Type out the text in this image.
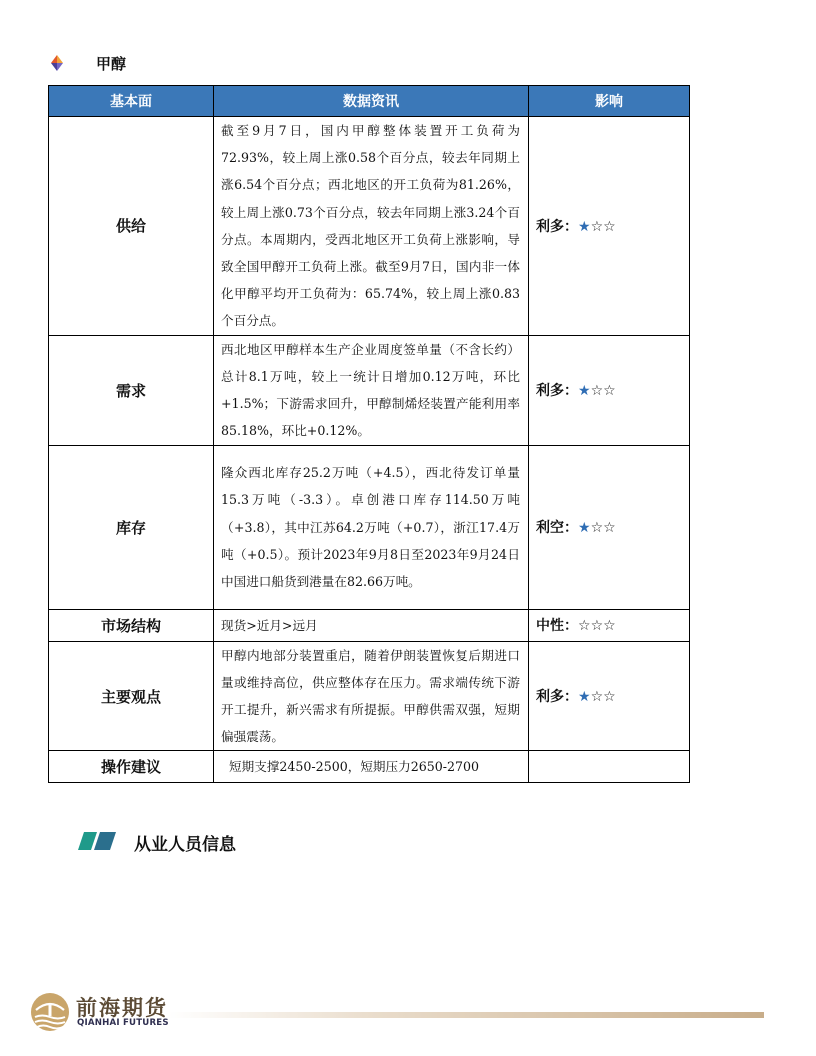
甲醇
基本面	数据资讯	影响
供给	截至9月7日，国内甲醇整体装置开工负荷为72.93%，较上周上涨0.58个百分点，较去年同期上涨6.54个百分点；西北地区的开工负荷为81.26%，较上周上涨0.73个百分点，较去年同期上涨3.24个百分点。本周期内，受西北地区开工负荷上涨影响，导致全国甲醇开工负荷上涨。截至9月7日，国内非一体化甲醇平均开工负荷为：65.74%，较上周上涨0.83个百分点。	利多：★☆☆
需求	西北地区甲醇样本生产企业周度签单量（不含长约）总计8.1万吨，较上一统计日增加0.12万吨，环比+1.5%；下游需求回升，甲醇制烯烃装置产能利用率85.18%，环比+0.12%。	利多：★☆☆
库存	隆众西北库存25.2万吨（+4.5），西北待发订单量15.3万吨（-3.3）。卓创港口库存114.50万吨（+3.8），其中江苏64.2万吨（+0.7），浙江17.4万吨（+0.5）。预计2023年9月8日至2023年9月24日中国进口船货到港量在82.66万吨。	利空：★☆☆
市场结构	现货>近月>远月	中性：☆☆☆
主要观点	甲醇内地部分装置重启，随着伊朗装置恢复后期进口量或维持高位，供应整体存在压力。需求端传统下游开工提升，新兴需求有所提振。甲醇供需双强，短期偏强震荡。	利多：★☆☆
操作建议	短期支撑2450-2500，短期压力2650-2700	
从业人员信息
前海期货
QIANHAI FUTURES
